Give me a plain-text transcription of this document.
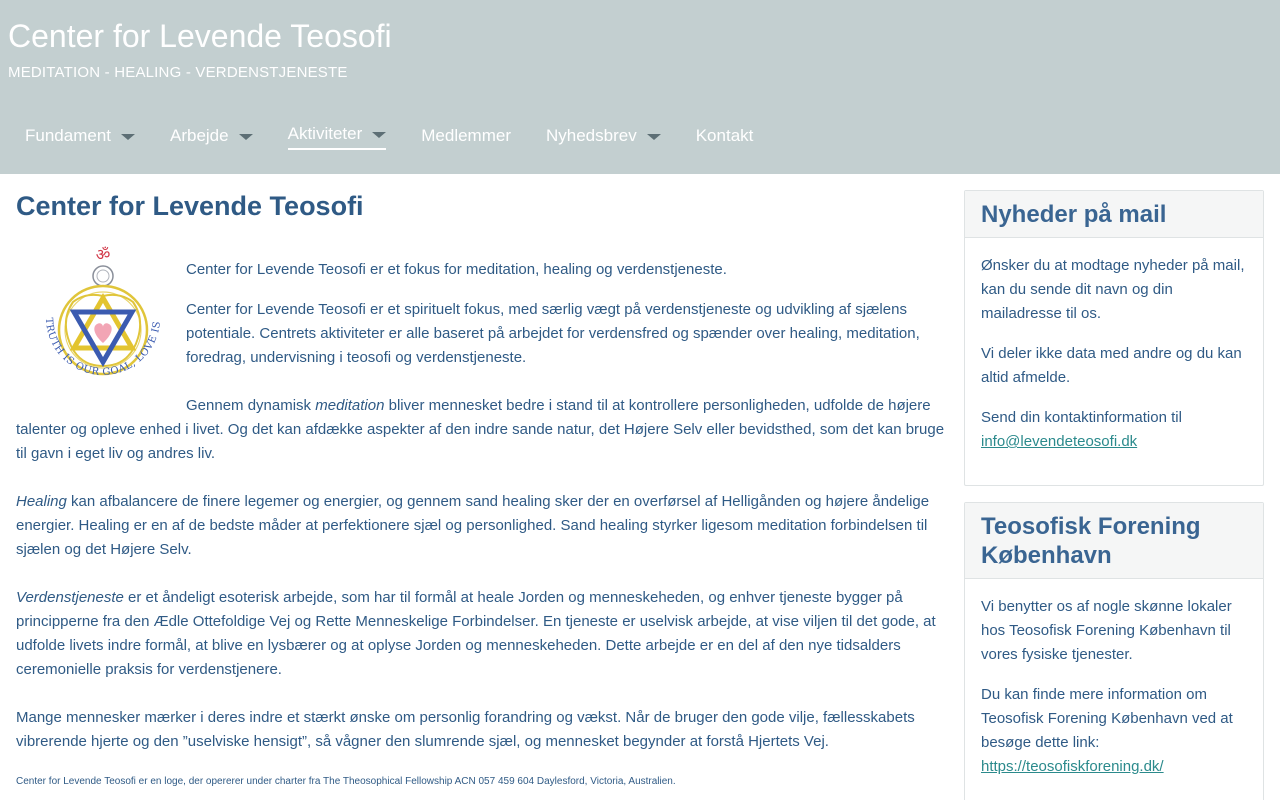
Center for Levende Teosofi
MEDITATION - HEALING - VERDENSTJENESTE
Fundament	Arbejde	Aktiviteter	Medlemmer Nyhedsbrev	Kontakt
Center for Levende Teosofi
ॐ
TRUTH IS OUR GOAL, LOVE IS

Center for Levende Teosofi er et fokus for meditation, healing og verdenstjeneste.

Center for Levende Teosofi er et spirituelt fokus, med særlig vægt på verdenstjeneste og udvikling af sjælens potentiale. Centrets aktiviteter er alle baseret på arbejdet for verdensfred og spænder over healing, meditation, foredrag, undervisning i teosofi og verdenstjeneste.

Gennem dynamisk meditation bliver mennesket bedre i stand til at kontrollere personligheden, udfolde de højere talenter og opleve enhed i livet. Og det kan afdække aspekter af den indre sande natur, det Højere Selv eller bevidsthed, som det kan bruge til gavn i eget liv og andres liv.

Healing kan afbalancere de finere legemer og energier, og gennem sand healing sker der en overførsel af Helligånden og højere åndelige energier. Healing er en af de bedste måder at perfektionere sjæl og personlighed. Sand healing styrker ligesom meditation forbindelsen til sjælen og det Højere Selv.

Verdenstjeneste er et åndeligt esoterisk arbejde, som har til formål at heale Jorden og menneskeheden, og enhver tjeneste bygger på principperne fra den Ædle Ottefoldige Vej og Rette Menneskelige Forbindelser. En tjeneste er uselvisk arbejde, at vise viljen til det gode, at udfolde livets indre formål, at blive en lysbærer og at oplyse Jorden og menneskeheden. Dette arbejde er en del af den nye tidsalders ceremonielle praksis for verdenstjenere.

Mange mennesker mærker i deres indre et stærkt ønske om personlig forandring og vækst. Når de bruger den gode vilje, fællesskabets vibrerende hjerte og den ”uselviske hensigt”, så vågner den slumrende sjæl, og mennesket begynder at forstå Hjertets Vej.

Center for Levende Teosofi er en loge, der opererer under charter fra The Theosophical Fellowship ACN 057 459 604 Daylesford, Victoria, Australien.

Nyheder på mail

Ønsker du at modtage nyheder på mail, kan du sende dit navn og din mailadresse til os.

Vi deler ikke data med andre og du kan altid afmelde.

Send din kontaktinformation til
info@levendeteosofi.dk

Teosofisk Forening København

Vi benytter os af nogle skønne lokaler hos Teosofisk Forening København til vores fysiske tjenester.

Du kan finde mere information om Teosofisk Forening København ved at besøge dette link:
https://teosofiskforening.dk/
